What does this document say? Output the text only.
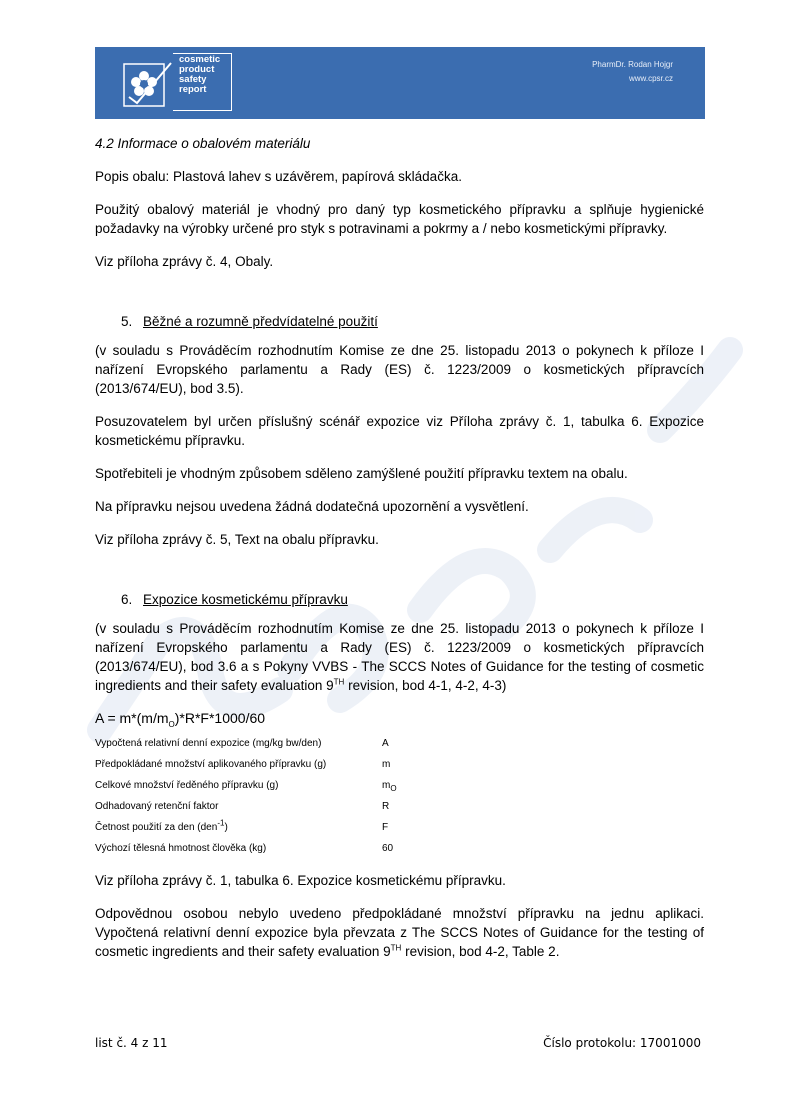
cosmetic
product
safety
report
PharmDr. Rodan Hojgr
www.cpsr.cz

4.2 Informace o obalovém materiálu

Popis obalu: Plastová lahev s uzávěrem, papírová skládačka.

Použitý obalový materiál je vhodný pro daný typ kosmetického přípravku a splňuje hygienické požadavky na výrobky určené pro styk s potravinami a pokrmy a / nebo kosmetickými přípravky.

Viz příloha zprávy č. 4, Obaly.

5. Běžné a rozumně předvídatelné použití

(v souladu s Prováděcím rozhodnutím Komise ze dne 25. listopadu 2013 o pokynech k příloze I nařízení Evropského parlamentu a Rady (ES) č. 1223/2009 o kosmetických přípravcích (2013/674/EU), bod 3.5).

Posuzovatelem byl určen příslušný scénář expozice viz Příloha zprávy č. 1, tabulka 6. Expozice kosmetickému přípravku.

Spotřebiteli je vhodným způsobem sděleno zamýšlené použití přípravku textem na obalu.

Na přípravku nejsou uvedena žádná dodatečná upozornění a vysvětlení.

Viz příloha zprávy č. 5, Text na obalu přípravku.

6. Expozice kosmetickému přípravku

(v souladu s Prováděcím rozhodnutím Komise ze dne 25. listopadu 2013 o pokynech k příloze I nařízení Evropského parlamentu a Rady (ES) č. 1223/2009 o kosmetických přípravcích (2013/674/EU), bod 3.6 a s Pokyny VVBS - The SCCS Notes of Guidance for the testing of cosmetic ingredients and their safety evaluation 9TH revision, bod 4-1, 4-2, 4-3)

$A = m*(m/m_O)*R*F*1000/60$

Vypočtená relativní denní expozice (mg/kg bw/den)	A
Předpokládané množství aplikovaného přípravku (g)	m
Celkové množství ředěného přípravku (g)	$m_O$
Odhadovaný retenční faktor	R
Četnost použití za den (den$^{-1}$)	F
Výchozí tělesná hmotnost člověka (kg)	60

Viz příloha zprávy č. 1, tabulka 6. Expozice kosmetickému přípravku.

Odpovědnou osobou nebylo uvedeno předpokládané množství přípravku na jednu aplikaci. Vypočtená relativní denní expozice byla převzata z The SCCS Notes of Guidance for the testing of cosmetic ingredients and their safety evaluation 9TH revision, bod 4-2, Table 2.

list č. 4 z 11	Číslo protokolu: 17001000
